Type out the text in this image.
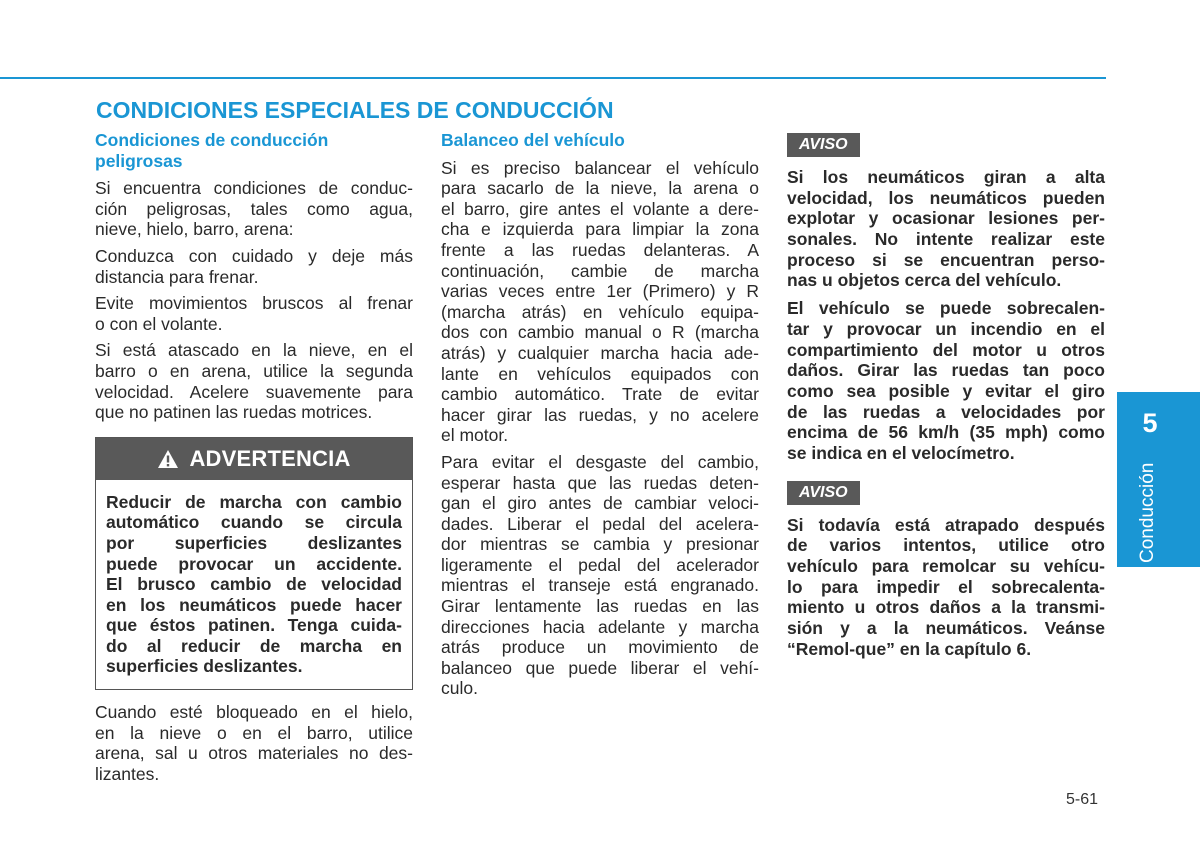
CONDICIONES ESPECIALES DE CONDUCCIÓN
Condiciones de conducción
peligrosas
Si encuentra condiciones de conduc-
ción peligrosas, tales como agua,
nieve, hielo, barro, arena:
Conduzca con cuidado y deje más
distancia para frenar.
Evite movimientos bruscos al frenar
o con el volante.
Si está atascado en la nieve, en el
barro o en arena, utilice la segunda
velocidad. Acelere suavemente para
que no patinen las ruedas motrices.
ADVERTENCIA
Reducir de marcha con cambio
automático cuando se circula
por superficies deslizantes
puede provocar un accidente.
El brusco cambio de velocidad
en los neumáticos puede hacer
que éstos patinen. Tenga cuida-
do al reducir de marcha en
superficies deslizantes.
Cuando esté bloqueado en el hielo,
en la nieve o en el barro, utilice
arena, sal u otros materiales no des-
lizantes.
Balanceo del vehículo
Si es preciso balancear el vehículo
para sacarlo de la nieve, la arena o
el barro, gire antes el volante a dere-
cha e izquierda para limpiar la zona
frente a las ruedas delanteras. A
continuación, cambie de marcha
varias veces entre 1er (Primero) y R
(marcha atrás) en vehículo equipa-
dos con cambio manual o R (marcha
atrás) y cualquier marcha hacia ade-
lante en vehículos equipados con
cambio automático. Trate de evitar
hacer girar las ruedas, y no acelere
el motor.
Para evitar el desgaste del cambio,
esperar hasta que las ruedas deten-
gan el giro antes de cambiar veloci-
dades. Liberar el pedal del acelera-
dor mientras se cambia y presionar
ligeramente el pedal del acelerador
mientras el transeje está engranado.
Girar lentamente las ruedas en las
direcciones hacia adelante y marcha
atrás produce un movimiento de
balanceo que puede liberar el vehí-
culo.
AVISO
Si los neumáticos giran a alta
velocidad, los neumáticos pueden
explotar y ocasionar lesiones per-
sonales. No intente realizar este
proceso si se encuentran perso-
nas u objetos cerca del vehículo.
El vehículo se puede sobrecalen-
tar y provocar un incendio en el
compartimiento del motor u otros
daños. Girar las ruedas tan poco
como sea posible y evitar el giro
de las ruedas a velocidades por
encima de 56 km/h (35 mph) como
se indica en el velocímetro.
AVISO
Si todavía está atrapado después
de varios intentos, utilice otro
vehículo para remolcar su vehícu-
lo para impedir el sobrecalenta-
miento u otros daños a la transmi-
sión y a la neumáticos. Veánse
“Remol-que” en la capítulo 6.
5
Conducción
5-61
